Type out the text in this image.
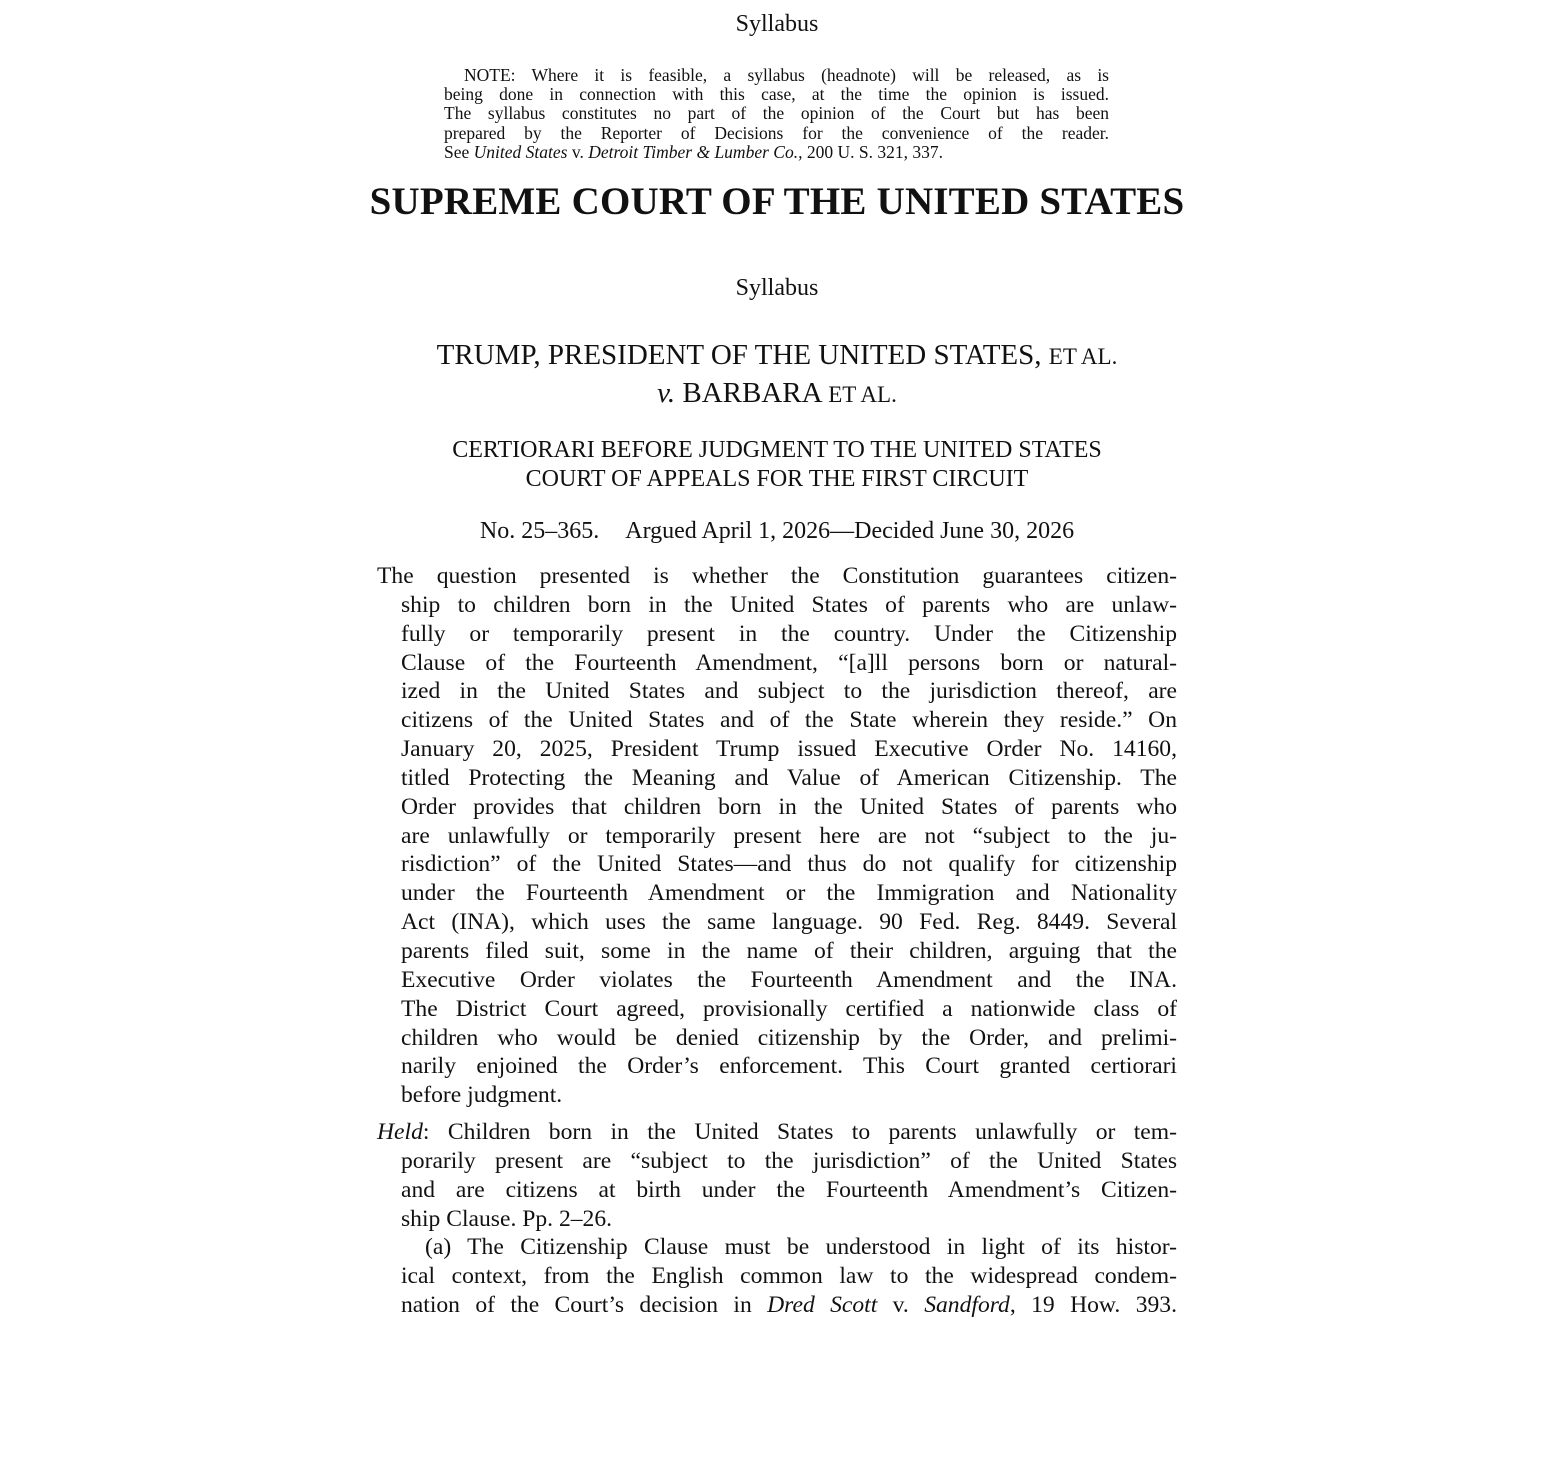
Syllabus
NOTE: Where it is feasible, a syllabus (headnote) will be released, as is
being done in connection with this case, at the time the opinion is issued.
The syllabus constitutes no part of the opinion of the Court but has been
prepared by the Reporter of Decisions for the convenience of the reader.
See United States v. Detroit Timber & Lumber Co., 200 U. S. 321, 337.
SUPREME COURT OF THE UNITED STATES
Syllabus
TRUMP, PRESIDENT OF THE UNITED STATES, ET AL.
v. BARBARA ET AL.
CERTIORARI BEFORE JUDGMENT TO THE UNITED STATES
COURT OF APPEALS FOR THE FIRST CIRCUIT
No. 25–365. Argued April 1, 2026—Decided June 30, 2026
The question presented is whether the Constitution guarantees citizen-
ship to children born in the United States of parents who are unlaw-
fully or temporarily present in the country. Under the Citizenship
Clause of the Fourteenth Amendment, “[a]ll persons born or natural-
ized in the United States and subject to the jurisdiction thereof, are
citizens of the United States and of the State wherein they reside.” On
January 20, 2025, President Trump issued Executive Order No. 14160,
titled Protecting the Meaning and Value of American Citizenship. The
Order provides that children born in the United States of parents who
are unlawfully or temporarily present here are not “subject to the ju-
risdiction” of the United States—and thus do not qualify for citizenship
under the Fourteenth Amendment or the Immigration and Nationality
Act (INA), which uses the same language. 90 Fed. Reg. 8449. Several
parents filed suit, some in the name of their children, arguing that the
Executive Order violates the Fourteenth Amendment and the INA.
The District Court agreed, provisionally certified a nationwide class of
children who would be denied citizenship by the Order, and prelimi-
narily enjoined the Order’s enforcement. This Court granted certiorari
before judgment.
Held: Children born in the United States to parents unlawfully or tem-
porarily present are “subject to the jurisdiction” of the United States
and are citizens at birth under the Fourteenth Amendment’s Citizen-
ship Clause. Pp. 2–26.
(a) The Citizenship Clause must be understood in light of its histor-
ical context, from the English common law to the widespread condem-
nation of the Court’s decision in Dred Scott v. Sandford, 19 How. 393.
